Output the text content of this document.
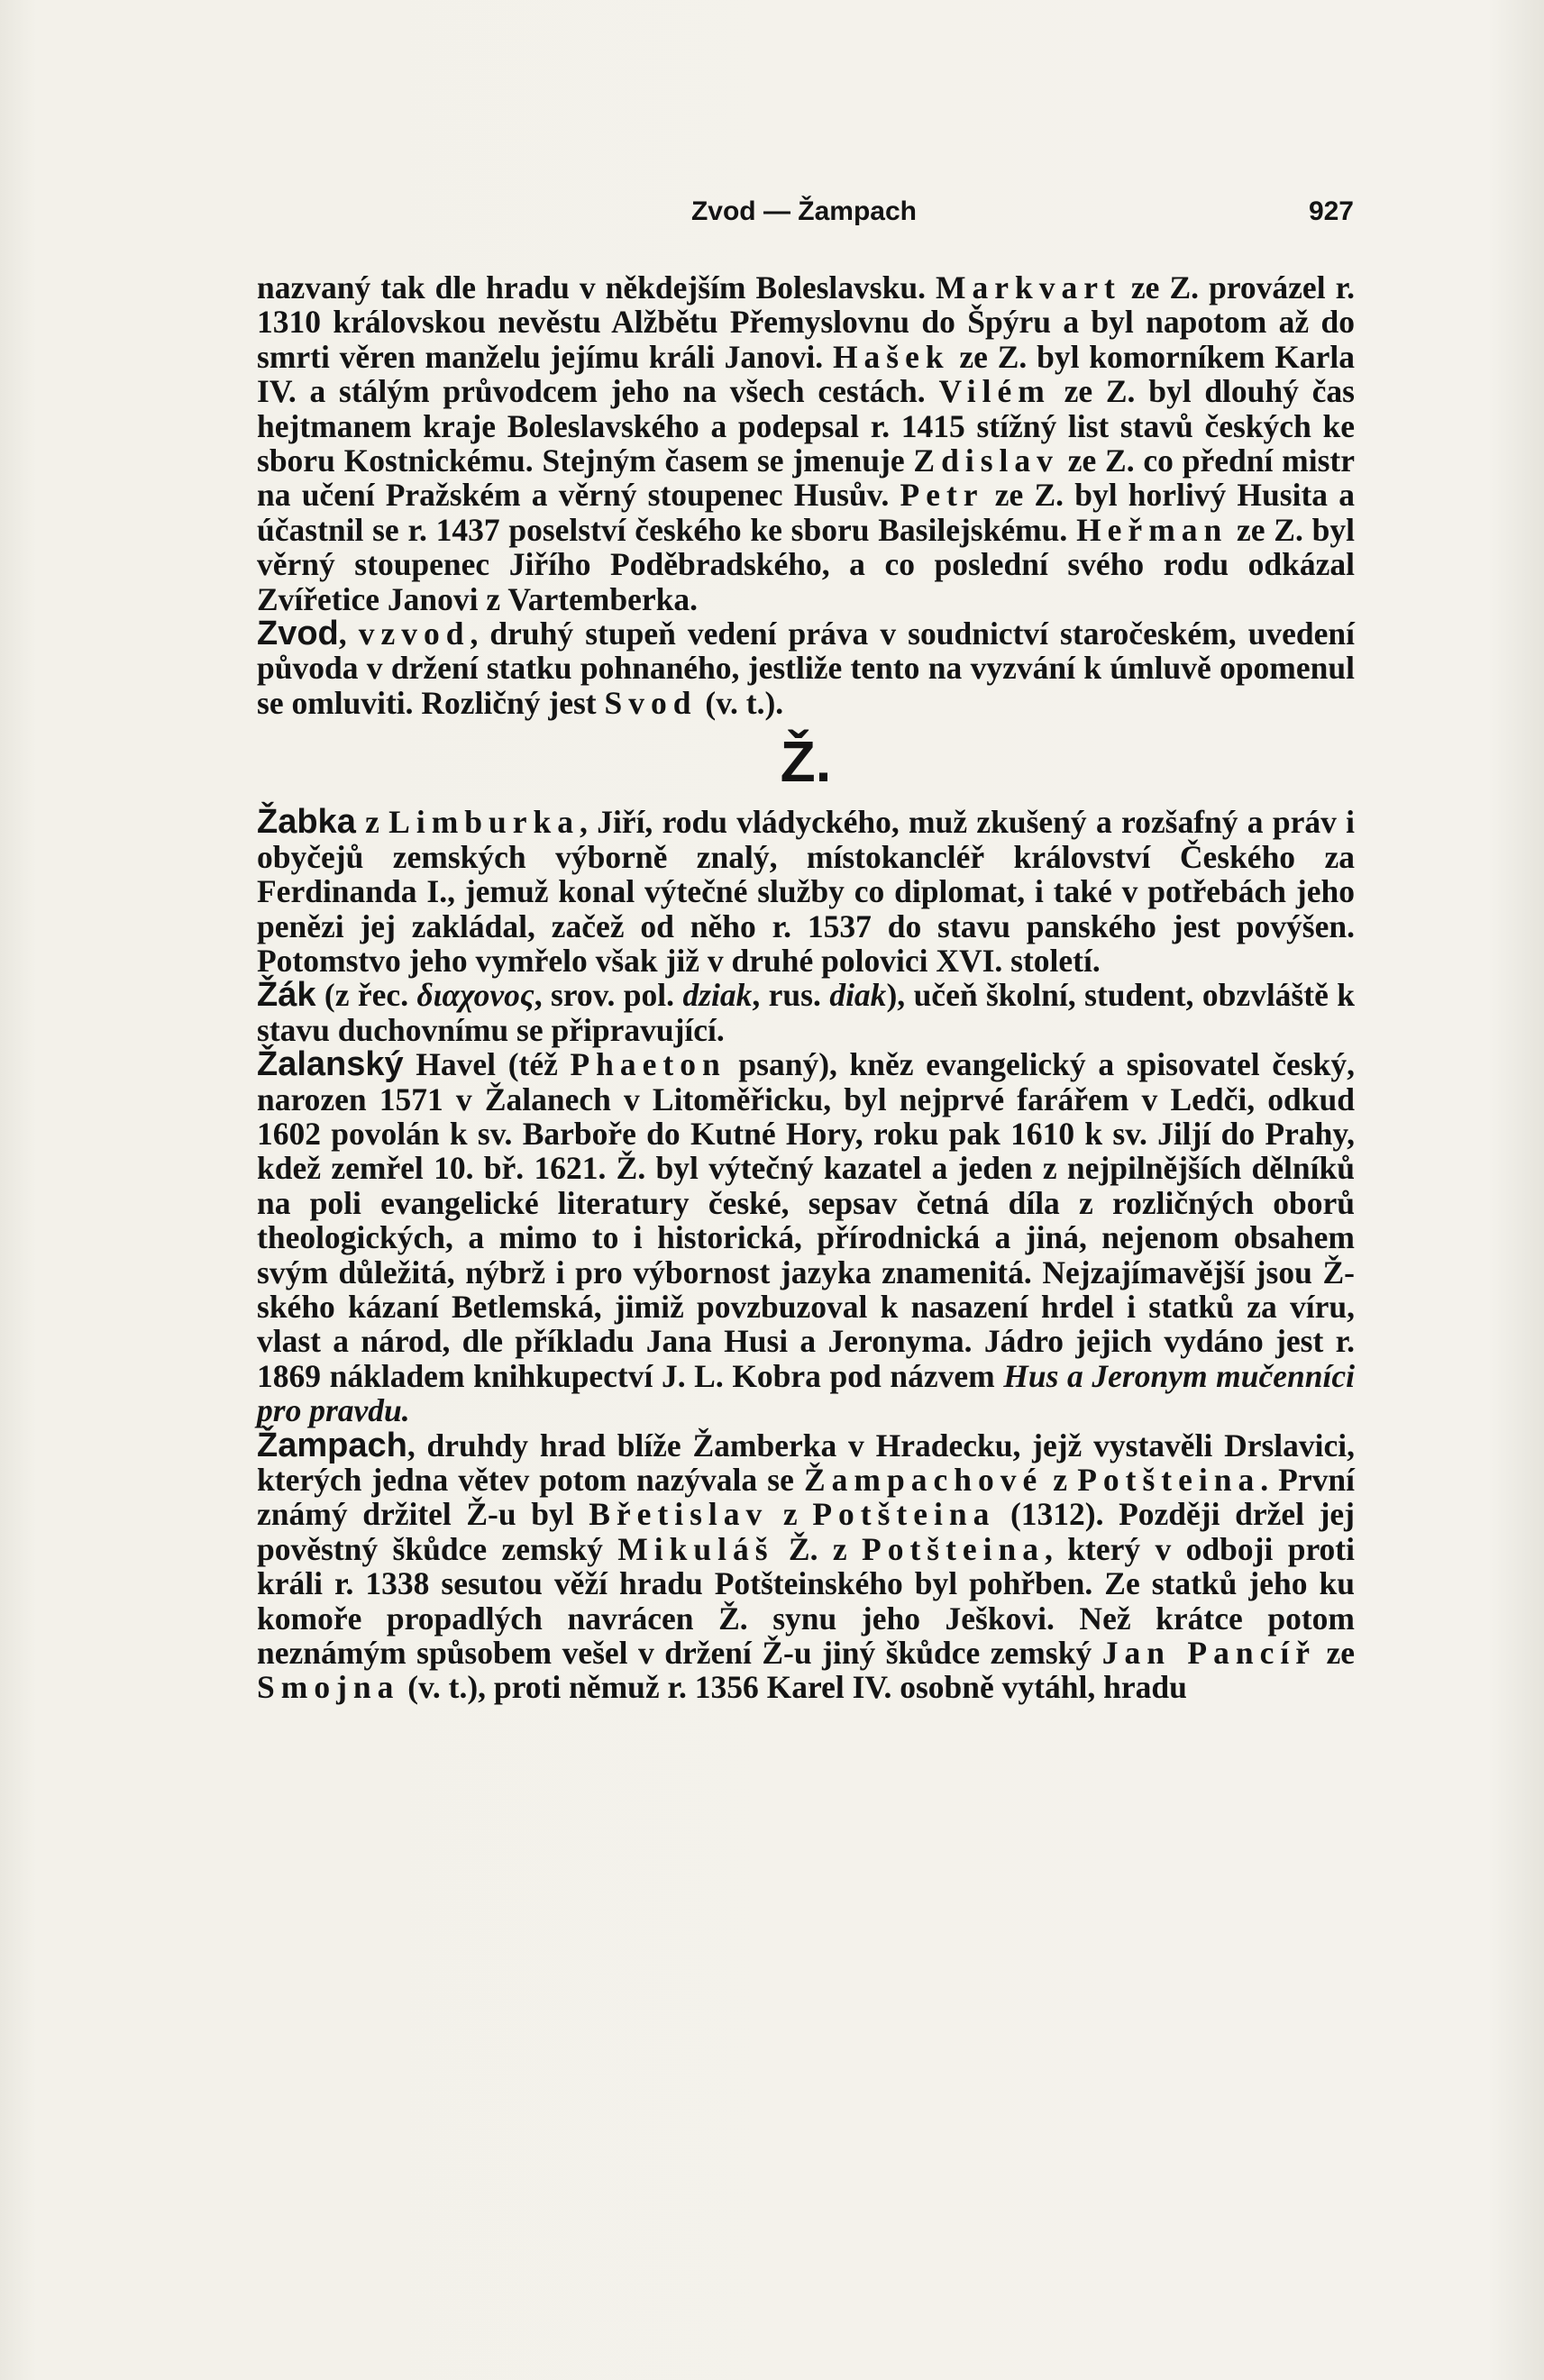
Zvod — Žampach	927

nazvaný tak dle hradu v někdejším Boleslavsku. Markvart ze Z. provázel r. 1310 královskou nevěstu Alžbětu Přemyslovnu do Špýru a byl napotom až do smrti věren manželu jejímu králi Janovi. Hašek ze Z. byl komorníkem Karla IV. a stálým průvodcem jeho na všech cestách. Vilém ze Z. byl dlouhý čas hejtmanem kraje Boleslavského a podepsal r. 1415 stížný list stavů českých ke sboru Kostnickému. Stejným časem se jmenuje Zdislav ze Z. co přední mistr na učení Pražském a věrný stoupenec Husův. Petr ze Z. byl horlivý Husita a účastnil se r. 1437 poselství českého ke sboru Basilejskému. Heřman ze Z. byl věrný stoupenec Jiřího Poděbradského, a co poslední svého rodu odkázal Zvířetice Janovi z Vartemberka.

Zvod, vzvod, druhý stupeň vedení práva v soudnictví staročeském, uvedení původa v držení statku pohnaného, jestliže tento na vyzvání k úmluvě opomenul se omluviti. Rozličný jest Svod (v. t.).

Ž.

Žabka z Limburka, Jiří, rodu vládyckého, muž zkušený a rozšafný a práv i obyčejů zemských výborně znalý, místokancléř království Českého za Ferdinanda I., jemuž konal výtečné služby co diplomat, i také v potřebách jeho penězi jej zakládal, začež od něho r. 1537 do stavu panského jest povýšen. Potomstvo jeho vymřelo však již v druhé polovici XVI. století.

Žák (z řec. διαχονος, srov. pol. dziak, rus. diak), učeň školní, student, obzvláště k stavu duchovnímu se připravující.

Žalanský Havel (též Phaeton psaný), kněz evangelický a spisovatel český, narozen 1571 v Žalanech v Litoměřicku, byl nejprvé farářem v Ledči, odkud 1602 povolán k sv. Barboře do Kutné Hory, roku pak 1610 k sv. Jiljí do Prahy, kdež zemřel 10. bř. 1621. Ž. byl výtečný kazatel a jeden z nejpilnějších dělníků na poli evangelické literatury české, sepsav četná díla z rozličných oborů theologických, a mimo to i historická, přírodnická a jiná, nejenom obsahem svým důležitá, nýbrž i pro výbornost jazyka znamenitá. Nejzajímavější jsou Ž-ského kázaní Betlemská, jimiž povzbuzoval k nasazení hrdel i statků za víru, vlast a národ, dle příkladu Jana Husi a Jeronyma. Jádro jejich vydáno jest r. 1869 nákladem knihkupectví J. L. Kobra pod názvem Hus a Jeronym mučenníci pro pravdu.

Žampach, druhdy hrad blíže Žamberka v Hradecku, jejž vystavěli Drslavici, kterých jedna větev potom nazývala se Žampachové z Potšteina. První známý držitel Ž-u byl Břetislav z Potšteina (1312). Později držel jej pověstný škůdce zemský Mikuláš Ž. z Potšteina, který v odboji proti králi r. 1338 sesutou věží hradu Potšteinského byl pohřben. Ze statků jeho ku komoře propadlých navrácen Ž. synu jeho Ješkovi. Než krátce potom neznámým spůsobem vešel v držení Ž-u jiný škůdce zemský Jan Pancíř ze Smojna (v. t.), proti němuž r. 1356 Karel IV. osobně vytáhl, hradu
